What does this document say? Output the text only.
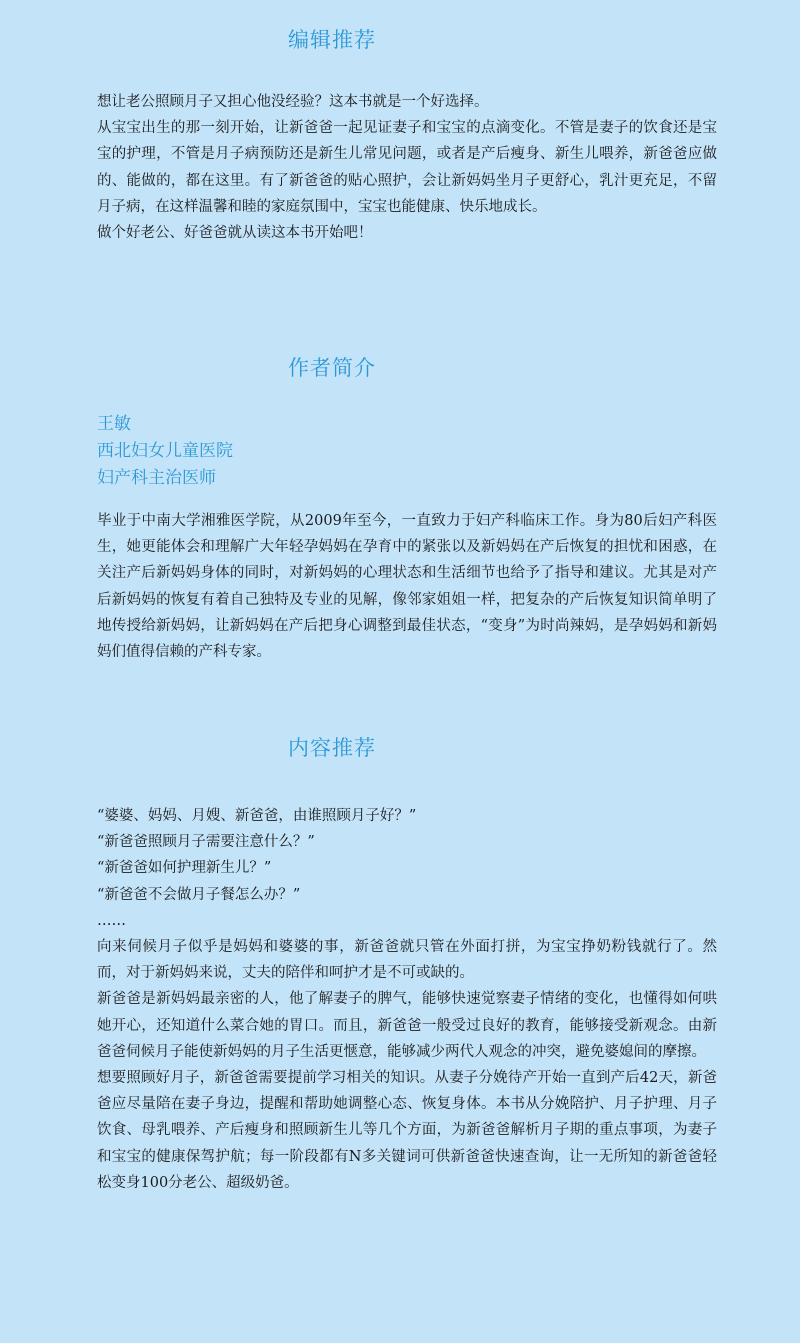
编辑推荐

想让老公照顾月子又担心他没经验？这本书就是一个好选择。

从宝宝出生的那一刻开始，让新爸爸一起见证妻子和宝宝的点滴变化。不管是妻子的饮食还是宝宝的护理，不管是月子病预防还是新生儿常见问题，或者是产后瘦身、新生儿喂养，新爸爸应做的、能做的，都在这里。有了新爸爸的贴心照护，会让新妈妈坐月子更舒心，乳汁更充足，不留月子病，在这样温馨和睦的家庭氛围中，宝宝也能健康、快乐地成长。

做个好老公、好爸爸就从读这本书开始吧！

作者简介
王敏
西北妇女儿童医院
妇产科主治医师

毕业于中南大学湘雅医学院，从2009年至今，一直致力于妇产科临床工作。身为80后妇产科医生，她更能体会和理解广大年轻孕妈妈在孕育中的紧张以及新妈妈在产后恢复的担忧和困惑，在关注产后新妈妈身体的同时，对新妈妈的心理状态和生活细节也给予了指导和建议。尤其是对产后新妈妈的恢复有着自己独特及专业的见解，像邻家姐姐一样，把复杂的产后恢复知识简单明了地传授给新妈妈，让新妈妈在产后把身心调整到最佳状态，“变身”为时尚辣妈，是孕妈妈和新妈妈们值得信赖的产科专家。

内容推荐
“婆婆、妈妈、月嫂、新爸爸，由谁照顾月子好？”
“新爸爸照顾月子需要注意什么？”
“新爸爸如何护理新生儿？”
“新爸爸不会做月子餐怎么办？”
……

向来伺候月子似乎是妈妈和婆婆的事，新爸爸就只管在外面打拼，为宝宝挣奶粉钱就行了。然而，对于新妈妈来说，丈夫的陪伴和呵护才是不可或缺的。

新爸爸是新妈妈最亲密的人，他了解妻子的脾气，能够快速觉察妻子情绪的变化，也懂得如何哄她开心，还知道什么菜合她的胃口。而且，新爸爸一般受过良好的教育，能够接受新观念。由新爸爸伺候月子能使新妈妈的月子生活更惬意，能够减少两代人观念的冲突，避免婆媳间的摩擦。

想要照顾好月子，新爸爸需要提前学习相关的知识。从妻子分娩待产开始一直到产后42天，新爸爸应尽量陪在妻子身边，提醒和帮助她调整心态、恢复身体。本书从分娩陪护、月子护理、月子饮食、母乳喂养、产后瘦身和照顾新生儿等几个方面，为新爸爸解析月子期的重点事项，为妻子和宝宝的健康保驾护航；每一阶段都有N多关键词可供新爸爸快速查询，让一无所知的新爸爸轻松变身100分老公、超级奶爸。
